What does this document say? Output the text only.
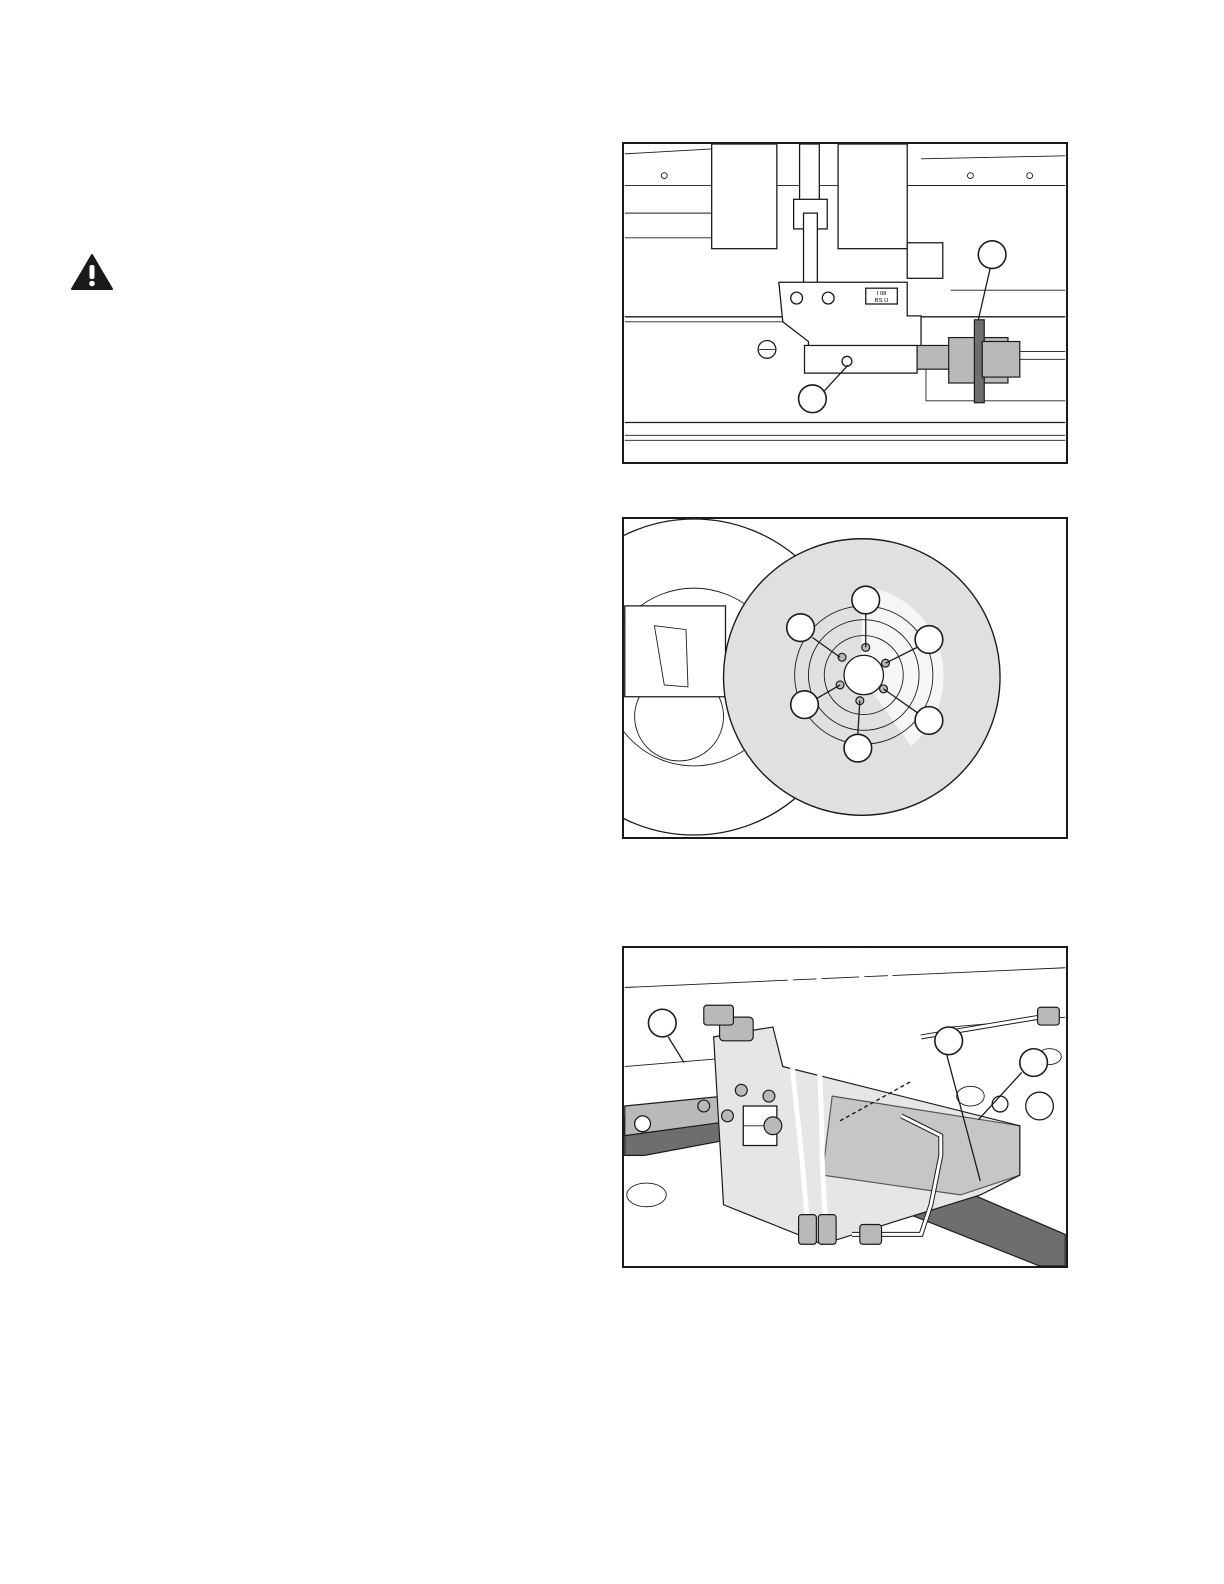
I 08
BS U
